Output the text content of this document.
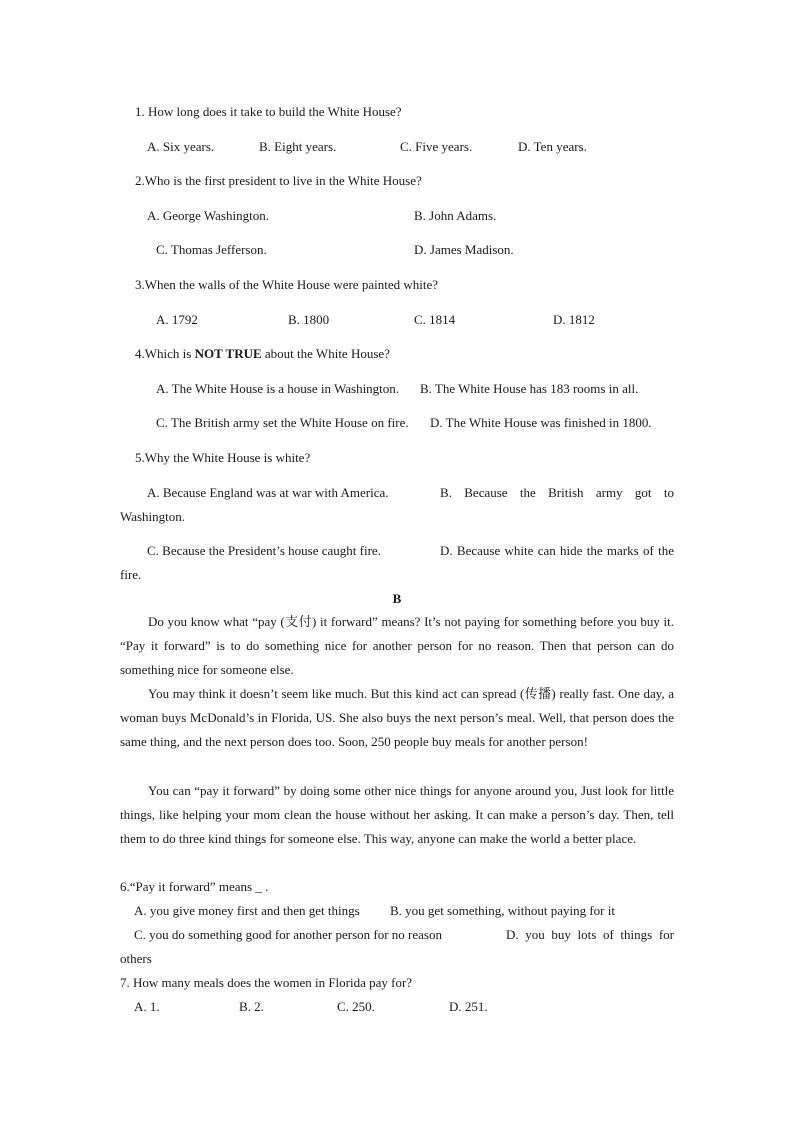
1. How long does it take to build the White House?
A. Six years.	B. Eight years.	C. Five years.	D. Ten years.
2.Who is the first president to live in the White House?
A. George Washington.	B. John Adams.
C. Thomas Jefferson.	D. James Madison.
3.When the walls of the White House were painted white?
A. 1792	B. 1800	C. 1814	D. 1812
4.Which is NOT TRUE about the White House?
A. The White House is a house in Washington. B. The White House has 183 rooms in all.
C. The British army set the White House on fire. D. The White House was finished in 1800.
5.Why the White House is white?
A. Because England was at war with America.	B. Because the British army got to Washington.
C. Because the President’s house caught fire.	D. Because white can hide the marks of the fire.
B
Do you know what “pay (支付) it forward” means? It’s not paying for something before you buy it. “Pay it forward” is to do something nice for another person for no reason. Then that person can do something nice for someone else.
You may think it doesn’t seem like much. But this kind act can spread (传播) really fast. One day, a woman buys McDonald’s in Florida, US. She also buys the next person’s meal. Well, that person does the same thing, and the next person does too. Soon, 250 people buy meals for another person!
You can “pay it forward” by doing some other nice things for anyone around you, Just look for little things, like helping your mom clean the house without her asking. It can make a person’s day. Then, tell them to do three kind things for someone else. This way, anyone can make the world a better place.
6.“Pay it forward” means _ .
A. you give money first and then get things B. you get something, without paying for it
C. you do something good for another person for no reason	D. you buy lots of things for others
7. How many meals does the women in Florida pay for?
A. 1.	B. 2.	C. 250.	D. 251.
